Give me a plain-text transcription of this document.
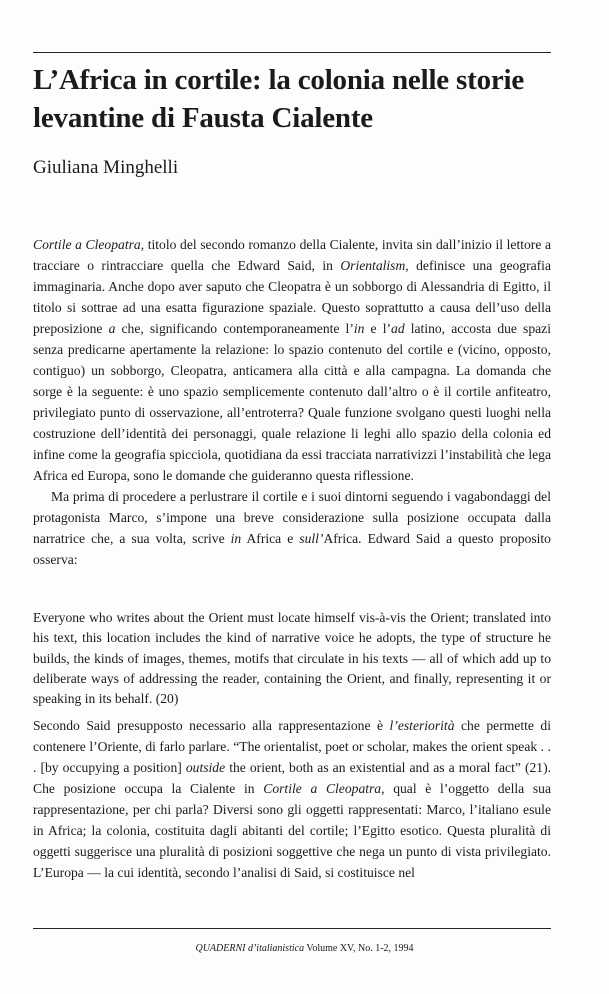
L’Africa in cortile: la colonia nelle storie levantine di Fausta Cialente
Giuliana Minghelli

Cortile a Cleopatra, titolo del secondo romanzo della Cialente, invita sin dall’inizio il lettore a tracciare o rintracciare quella che Edward Said, in Orientalism, definisce una geografia immaginaria. Anche dopo aver saputo che Cleopatra è un sobborgo di Alessandria di Egitto, il titolo si sottrae ad una esatta figurazione spaziale. Questo soprattutto a causa dell’uso della preposizione a che, significando contemporaneamente l’in e l’ad latino, accosta due spazi senza predicarne apertamente la relazione: lo spazio contenuto del cortile e (vicino, opposto, contiguo) un sobborgo, Cleopatra, anticamera alla città e alla campagna. La domanda che sorge è la seguente: è uno spazio semplicemente contenuto dall’altro o è il cortile anfiteatro, privilegiato punto di osservazione, all’entroterra? Quale funzione svolgano questi luoghi nella costruzione dell’identità dei personaggi, quale relazione li leghi allo spazio della colonia ed infine come la geografia spicciola, quotidiana da essi tracciata narrativizzi l’instabilità che lega Africa ed Europa, sono le domande che guideranno questa riflessione.

Ma prima di procedere a perlustrare il cortile e i suoi dintorni seguendo i vagabondaggi del protagonista Marco, s’impone una breve considerazione sulla posizione occupata dalla narratrice che, a sua volta, scrive in Africa e sull’Africa. Edward Said a questo proposito osserva:

Everyone who writes about the Orient must locate himself vis-à-vis the Orient; translated into his text, this location includes the kind of narrative voice he adopts, the type of structure he builds, the kinds of images, themes, motifs that circulate in his texts — all of which add up to deliberate ways of addressing the reader, containing the Orient, and finally, representing it or speaking in its behalf. (20)

Secondo Said presupposto necessario alla rappresentazione è l’esteriorità che permette di contenere l’Oriente, di farlo parlare. “The orientalist, poet or scholar, makes the orient speak . . . [by occupying a position] outside the orient, both as an existential and as a moral fact” (21). Che posizione occupa la Cialente in Cortile a Cleopatra, qual è l’oggetto della sua rappresentazione, per chi parla? Diversi sono gli oggetti rappresentati: Marco, l’italiano esule in Africa; la colonia, costituita dagli abitanti del cortile; l’Egitto esotico. Questa pluralità di oggetti suggerisce una pluralità di posizioni soggettive che nega un punto di vista privilegiato. L’Europa — la cui identità, secondo l’analisi di Said, si costituisce nel

QUADERNI d’italianistica Volume XV, No. 1-2, 1994
